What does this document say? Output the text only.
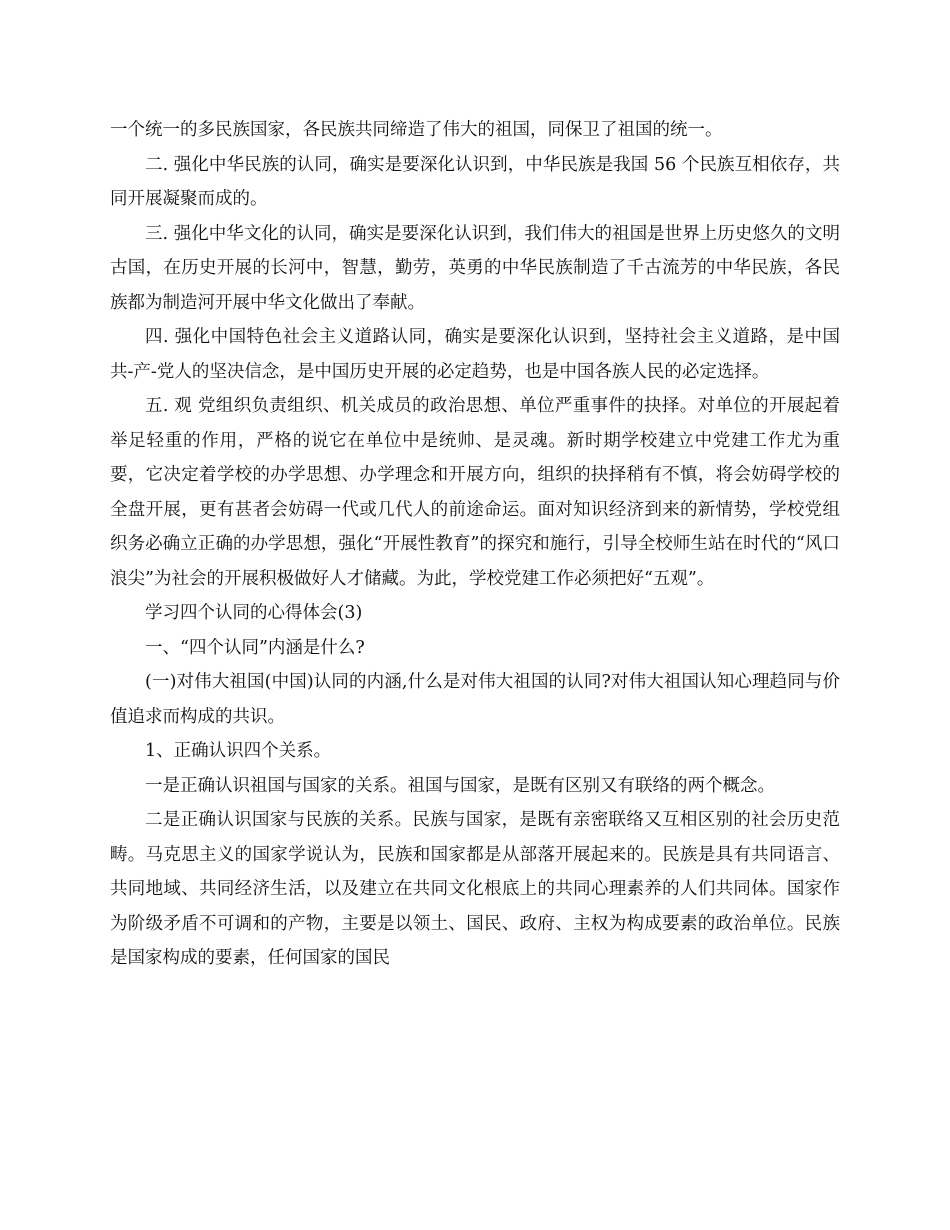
一个统一的多民族国家，各民族共同缔造了伟大的祖国，同保卫了祖国的统一。

二. 强化中华民族的认同，确实是要深化认识到，中华民族是我国 56 个民族互相依存，共同开展凝聚而成的。

三. 强化中华文化的认同，确实是要深化认识到，我们伟大的祖国是世界上历史悠久的文明古国，在历史开展的长河中，智慧，勤劳，英勇的中华民族制造了千古流芳的中华民族，各民族都为制造河开展中华文化做出了奉献。

四. 强化中国特色社会主义道路认同，确实是要深化认识到，坚持社会主义道路，是中国共-产-党人的坚决信念，是中国历史开展的必定趋势，也是中国各族人民的必定选择。

五. 观 党组织负责组织、机关成员的政治思想、单位严重事件的抉择。对单位的开展起着举足轻重的作用，严格的说它在单位中是统帅、是灵魂。新时期学校建立中党建工作尤为重要，它决定着学校的办学思想、办学理念和开展方向，组织的抉择稍有不慎，将会妨碍学校的全盘开展，更有甚者会妨碍一代或几代人的前途命运。面对知识经济到来的新情势，学校党组织务必确立正确的办学思想，强化“开展性教育”的探究和施行，引导全校师生站在时代的“风口浪尖”为社会的开展积极做好人才储藏。为此，学校党建工作必须把好“五观”。

学习四个认同的心得体会(3)

一、“四个认同”内涵是什么?

(一)对伟大祖国(中国)认同的内涵,什么是对伟大祖国的认同?对伟大祖国认知心理趋同与价值追求而构成的共识。

1、正确认识四个关系。

一是正确认识祖国与国家的关系。祖国与国家，是既有区别又有联络的两个概念。

二是正确认识国家与民族的关系。民族与国家，是既有亲密联络又互相区别的社会历史范畴。马克思主义的国家学说认为，民族和国家都是从部落开展起来的。民族是具有共同语言、共同地域、共同经济生活，以及建立在共同文化根底上的共同心理素养的人们共同体。国家作为阶级矛盾不可调和的产物，主要是以领土、国民、政府、主权为构成要素的政治单位。民族是国家构成的要素，任何国家的国民
